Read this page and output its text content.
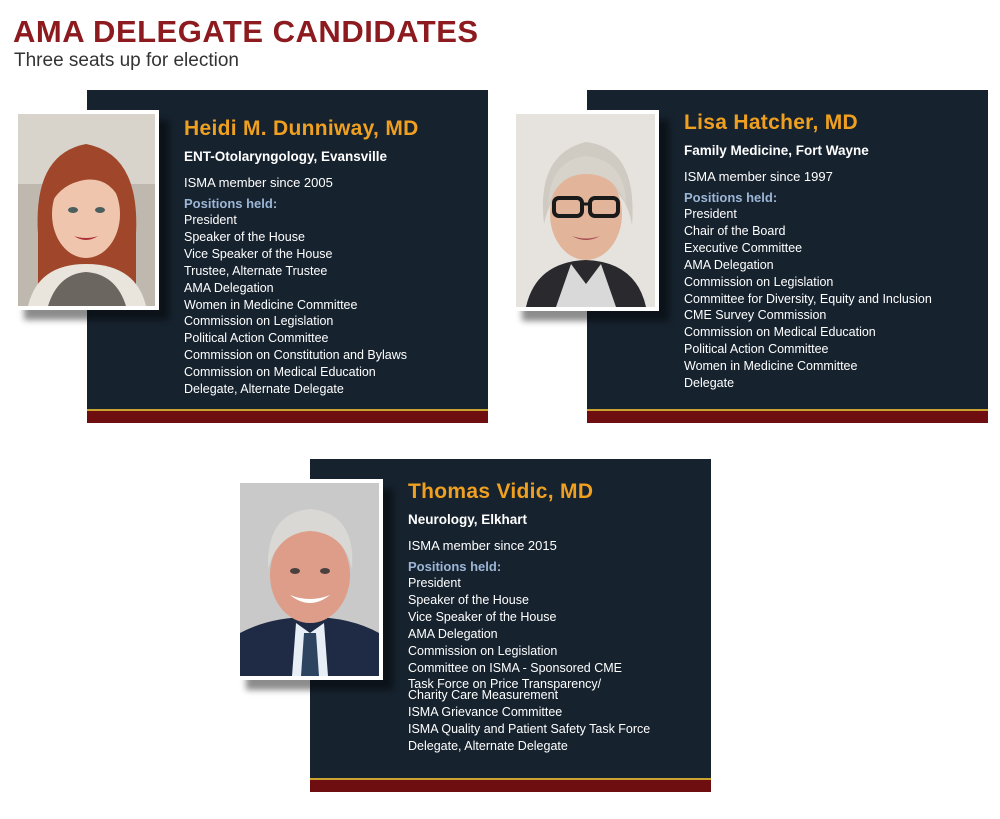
AMA DELEGATE CANDIDATES
Three seats up for election
Heidi M. Dunniway, MD
ENT-Otolaryngology, Evansville
ISMA member since 2005
Positions held:
President
Speaker of the House
Vice Speaker of the House
Trustee, Alternate Trustee
AMA Delegation
Women in Medicine Committee
Commission on Legislation
Political Action Committee
Commission on Constitution and Bylaws
Commission on Medical Education
Delegate, Alternate Delegate
Lisa Hatcher, MD
Family Medicine, Fort Wayne
ISMA member since 1997
Positions held:
President
Chair of the Board
Executive Committee
AMA Delegation
Commission on Legislation
Committee for Diversity, Equity and Inclusion
CME Survey Commission
Commission on Medical Education
Political Action Committee
Women in Medicine Committee
Delegate
Thomas Vidic, MD
Neurology, Elkhart
ISMA member since 2015
Positions held:
President
Speaker of the House
Vice Speaker of the House
AMA Delegation
Commission on Legislation
Committee on ISMA - Sponsored CME
Task Force on Price Transparency/
Charity Care Measurement
ISMA Grievance Committee
ISMA Quality and Patient Safety Task Force
Delegate, Alternate Delegate
